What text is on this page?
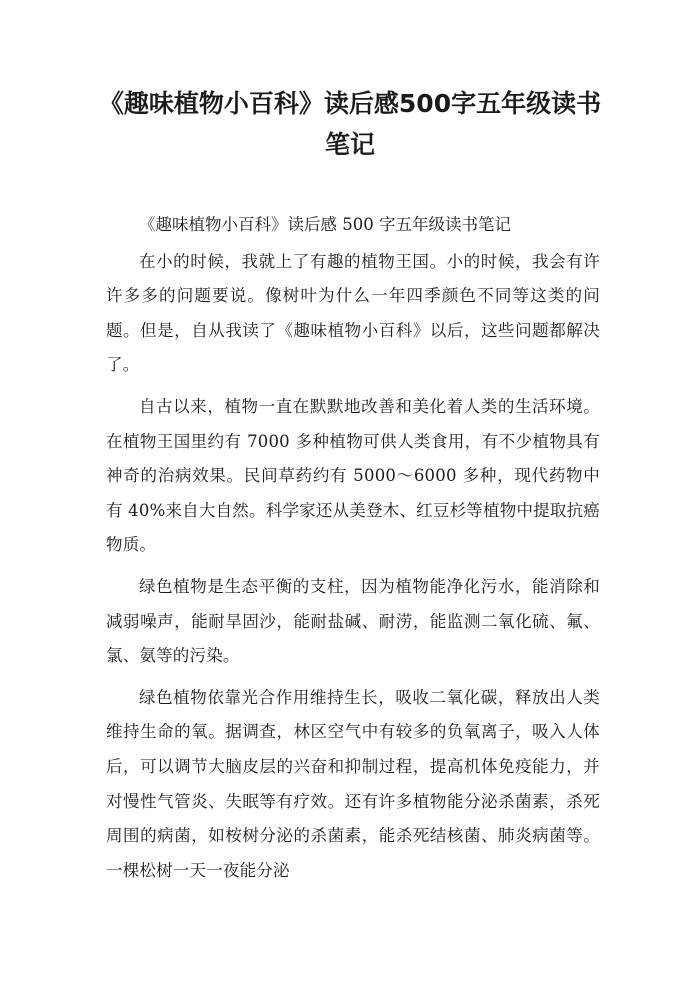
《趣味植物小百科》读后感500字五年级读书笔记

《趣味植物小百科》读后感 500 字五年级读书笔记

在小的时候，我就上了有趣的植物王国。小的时候，我会有许许多多的问题要说。像树叶为什么一年四季颜色不同等这类的问题。但是，自从我读了《趣味植物小百科》以后，这些问题都解决了。

自古以来，植物一直在默默地改善和美化着人类的生活环境。在植物王国里约有 7000 多种植物可供人类食用，有不少植物具有神奇的治病效果。民间草药约有 5000～6000 多种，现代药物中有 40%来自大自然。科学家还从美登木、红豆杉等植物中提取抗癌物质。

绿色植物是生态平衡的支柱，因为植物能净化污水，能消除和减弱噪声，能耐旱固沙，能耐盐碱、耐涝，能监测二氧化硫、氟、氯、氨等的污染。

绿色植物依靠光合作用维持生长，吸收二氧化碳，释放出人类维持生命的氧。据调查，林区空气中有较多的负氧离子，吸入人体后，可以调节大脑皮层的兴奋和抑制过程，提高机体免疫能力，并对慢性气管炎、失眠等有疗效。还有许多植物能分泌杀菌素，杀死周围的病菌，如桉树分泌的杀菌素，能杀死结核菌、肺炎病菌等。一棵松树一天一夜能分泌
